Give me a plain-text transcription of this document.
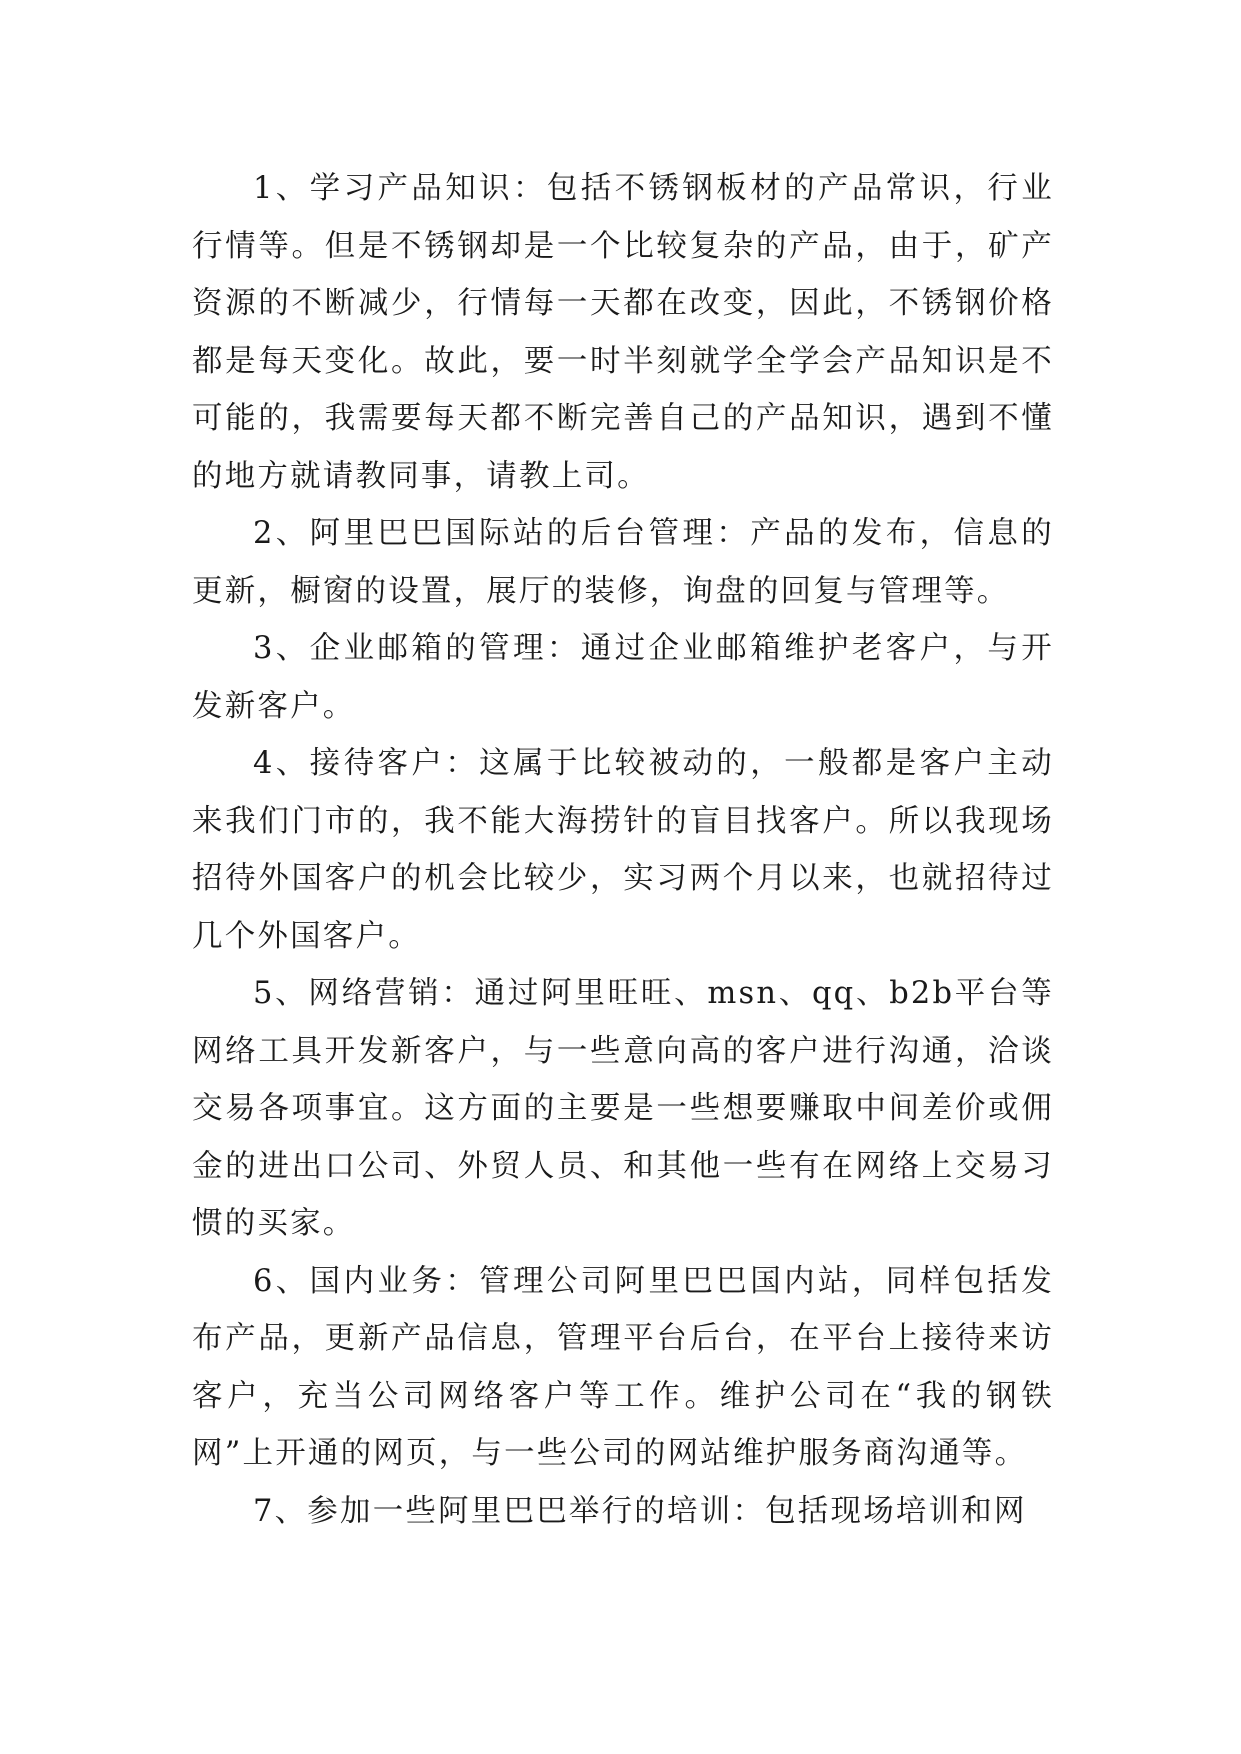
1、学习产品知识：包括不锈钢板材的产品常识，行业行情等。但是不锈钢却是一个比较复杂的产品，由于，矿产资源的不断减少，行情每一天都在改变，因此，不锈钢价格都是每天变化。故此，要一时半刻就学全学会产品知识是不可能的，我需要每天都不断完善自己的产品知识，遇到不懂的地方就请教同事，请教上司。

2、阿里巴巴国际站的后台管理：产品的发布，信息的更新，橱窗的设置，展厅的装修，询盘的回复与管理等。

3、企业邮箱的管理：通过企业邮箱维护老客户，与开发新客户。

4、接待客户：这属于比较被动的，一般都是客户主动来我们门市的，我不能大海捞针的盲目找客户。所以我现场招待外国客户的机会比较少，实习两个月以来，也就招待过几个外国客户。

5、网络营销：通过阿里旺旺、msn、qq、b2b平台等网络工具开发新客户，与一些意向高的客户进行沟通，洽谈交易各项事宜。这方面的主要是一些想要赚取中间差价或佣金的进出口公司、外贸人员、和其他一些有在网络上交易习惯的买家。

6、国内业务：管理公司阿里巴巴国内站，同样包括发布产品，更新产品信息，管理平台后台，在平台上接待来访客户，充当公司网络客户等工作。维护公司在“我的钢铁网”上开通的网页，与一些公司的网站维护服务商沟通等。

7、参加一些阿里巴巴举行的培训：包括现场培训和网
